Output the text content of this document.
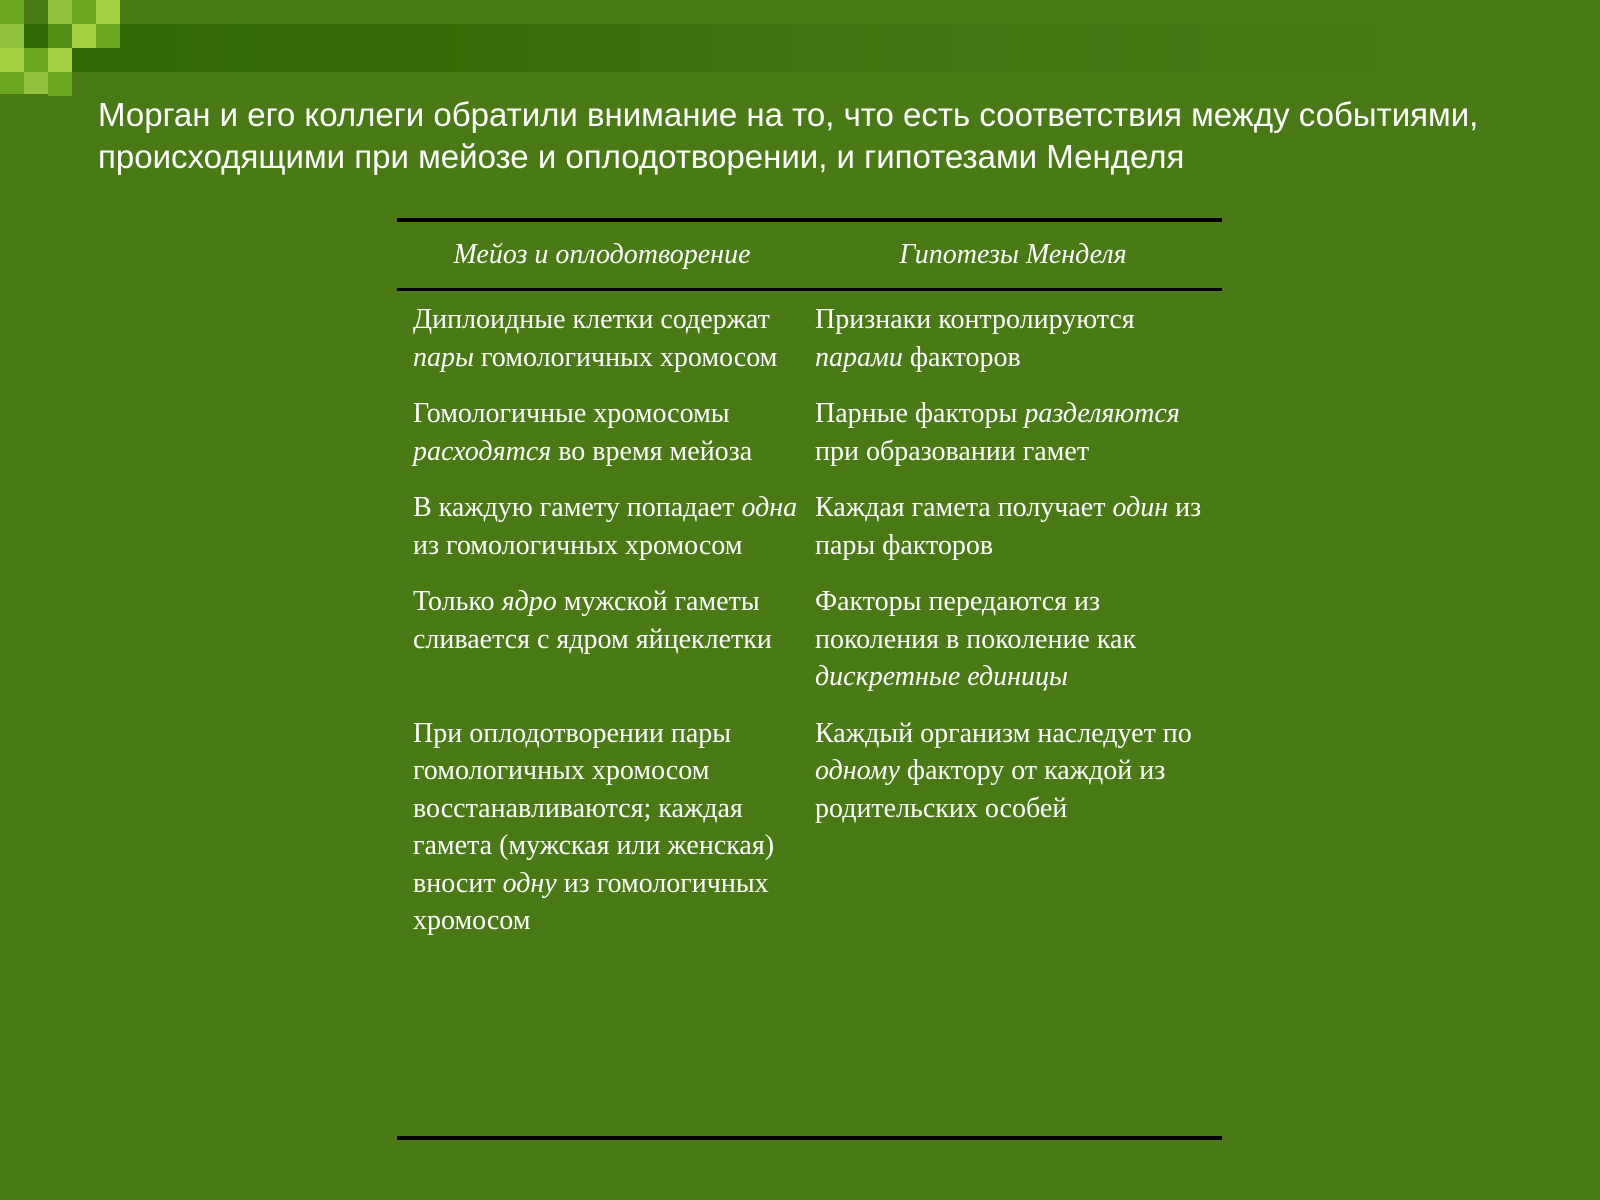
Морган и его коллеги обратили внимание на то, что есть соответствия между событиями, происходящими при мейозе и оплодотворении, и гипотезами Менделя
Мейоз и оплодотворение	Гипотезы Менделя
Диплоидные клетки содержат пары гомологичных хромосом
Признаки контролируются парами факторов
Гомологичные хромосомы расходятся во время мейоза
Парные факторы разделяются при образовании гамет
В каждую гамету попадает одна из гомологичных хромосом
Каждая гамета получает один из пары факторов
Только ядро мужской гаметы сливается с ядром яйцеклетки
Факторы передаются из поколения в поколение как дискретные единицы
При оплодотворении пары гомологичных хромосом восстанавливаются; каждая гамета (мужская или женская) вносит одну из гомологичных хромосом
Каждый организм наследует по одному фактору от каждой из родительских особей
